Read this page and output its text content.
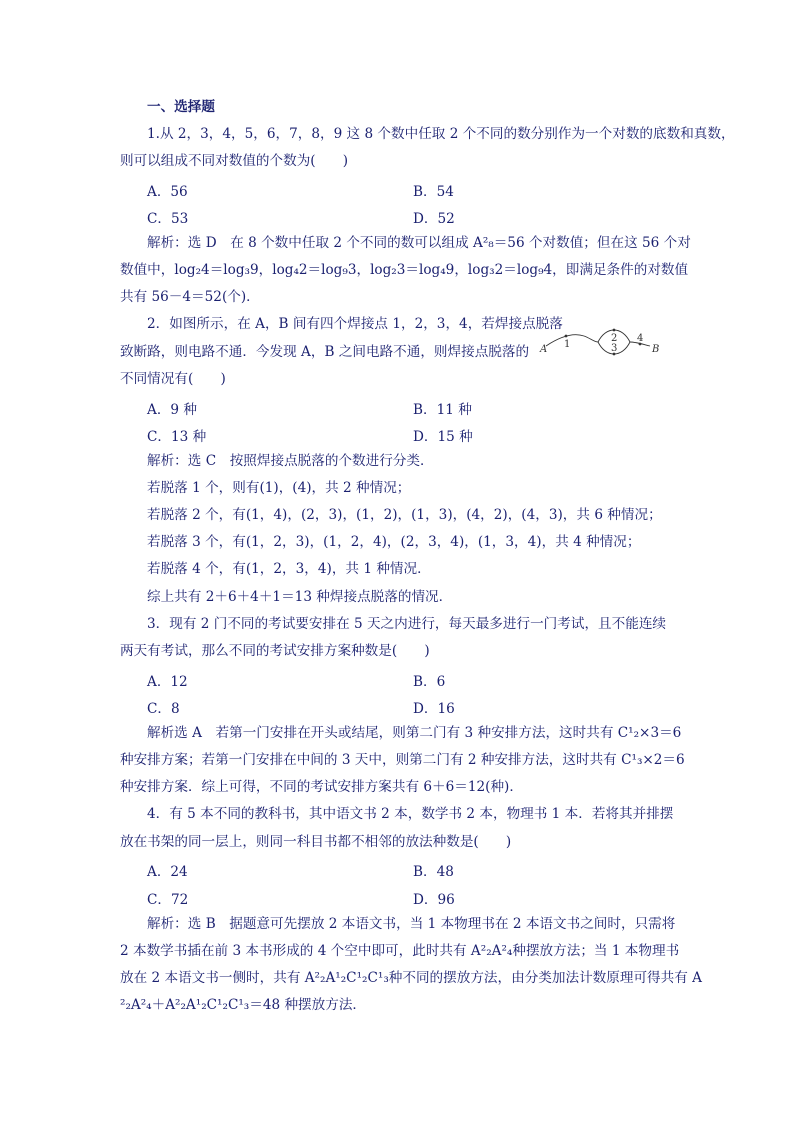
一、选择题
1.从 2，3，4，5，6，7，8，9 这 8 个数中任取 2 个不同的数分别作为一个对数的底数和真数，
则可以组成不同对数值的个数为(　　)
A．56	B．54
C．53	D．52
解析：选 D　在 8 个数中任取 2 个不同的数可以组成 A²₈＝56 个对数值；但在这 56 个对
数值中，log₂4＝log₃9，log₄2＝log₉3，log₂3＝log₄9，log₃2＝log₉4，即满足条件的对数值
共有 56－4＝52(个)．
2．如图所示，在 A，B 间有四个焊接点 1，2，3，4，若焊接点脱落
致断路，则电路不通．今发现 A，B 之间电路不通，则焊接点脱落的
不同情况有(　　)
A 1
2
3
4
B
A．9 种	B．11 种
C．13 种	D．15 种
解析：选 C　按照焊接点脱落的个数进行分类．
若脱落 1 个，则有(1)，(4)，共 2 种情况；
若脱落 2 个，有(1，4)，(2，3)，(1，2)，(1，3)，(4，2)，(4，3)，共 6 种情况；
若脱落 3 个，有(1，2，3)，(1，2，4)，(2，3，4)，(1，3，4)，共 4 种情况；
若脱落 4 个，有(1，2，3，4)，共 1 种情况．
综上共有 2＋6＋4＋1＝13 种焊接点脱落的情况．
3．现有 2 门不同的考试要安排在 5 天之内进行，每天最多进行一门考试，且不能连续
两天有考试，那么不同的考试安排方案种数是(　　)
A．12	B．6
C．8	D．16
解析选 A　若第一门安排在开头或结尾，则第二门有 3 种安排方法，这时共有 C¹₂×3＝6
种安排方案；若第一门安排在中间的 3 天中，则第二门有 2 种安排方法，这时共有 C¹₃×2＝6
种安排方案．综上可得，不同的考试安排方案共有 6＋6＝12(种)．
4．有 5 本不同的教科书，其中语文书 2 本，数学书 2 本，物理书 1 本．若将其并排摆
放在书架的同一层上，则同一科目书都不相邻的放法种数是(　　)
A．24	B．48
C．72	D．96
解析：选 B　据题意可先摆放 2 本语文书，当 1 本物理书在 2 本语文书之间时，只需将
2 本数学书插在前 3 本书形成的 4 个空中即可，此时共有 A²₂A²₄种摆放方法；当 1 本物理书
放在 2 本语文书一侧时，共有 A²₂A¹₂C¹₂C¹₃种不同的摆放方法，由分类加法计数原理可得共有 A
²₂A²₄＋A²₂A¹₂C¹₂C¹₃＝48 种摆放方法．
